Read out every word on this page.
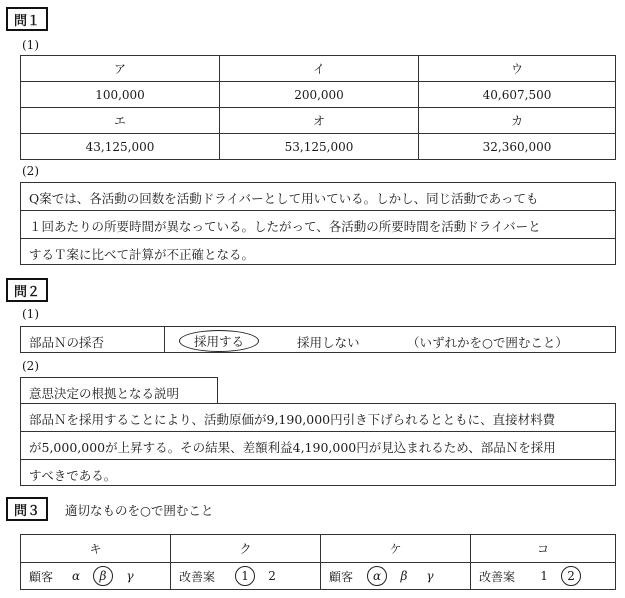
問１
(1)
ア	イ	ウ
100,000	200,000	40,607,500
エ	オ	カ
43,125,000	53,125,000	32,360,000
(2)
Q案では、各活動の回数を活動ドライバーとして用いている。しかし、同じ活動であっても
１回あたりの所要時間が異なっている。したがって、各活動の所要時間を活動ドライバーと
するＴ案に比べて計算が不正確となる。
問２
(1)
部品Ｎの採否	採用する	採用しない	（いずれかを○で囲むこと）
(2)
意思決定の根拠となる説明
部品Ｎを採用することにより、活動原価が9,190,000円引き下げられるとともに、直接材料費
が5,000,000が上昇する。その結果、差額利益4,190,000円が見込まれるため、部品Ｎを採用
すべきである。
問３	適切なものを○で囲むこと
キ	ク	ケ	コ

顧客 α β γ	改善案 1 2	顧客 α β γ	改善案 1 2
